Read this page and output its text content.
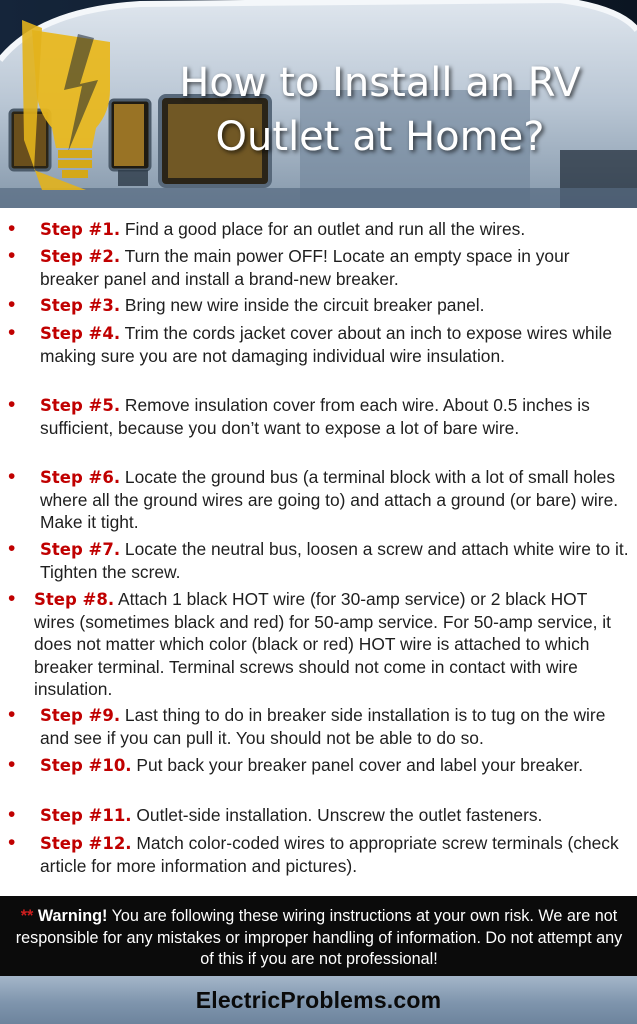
How to Install an RV
Outlet at Home?
• Step #1. Find a good place for an outlet and run all the wires.
• Step #2. Turn the main power OFF! Locate an empty space in your breaker panel and install a brand-new breaker.
• Step #3. Bring new wire inside the circuit breaker panel.
• Step #4. Trim the cords jacket cover about an inch to expose wires while making sure you are not damaging individual wire insulation.
• Step #5. Remove insulation cover from each wire. About 0.5 inches is sufficient, because you don’t want to expose a lot of bare wire.
• Step #6. Locate the ground bus (a terminal block with a lot of small holes where all the ground wires are going to) and attach a ground (or bare) wire. Make it tight.
• Step #7. Locate the neutral bus, loosen a screw and attach white wire to it. Tighten the screw.
• Step #8. Attach 1 black HOT wire (for 30-amp service) or 2 black HOT wires (sometimes black and red) for 50-amp service. For 50-amp service, it does not matter which color (black or red) HOT wire is attached to which breaker terminal. Terminal screws should not come in contact with wire insulation.
• Step #9. Last thing to do in breaker side installation is to tug on the wire and see if you can pull it. You should not be able to do so.
• Step #10. Put back your breaker panel cover and label your breaker.
• Step #11. Outlet-side installation. Unscrew the outlet fasteners.
• Step #12. Match color-coded wires to appropriate screw terminals (check article for more information and pictures).
** Warning! You are following these wiring instructions at your own risk. We are not responsible for any mistakes or improper handling of information. Do not attempt any of this if you are not professional!
ElectricProblems.com
